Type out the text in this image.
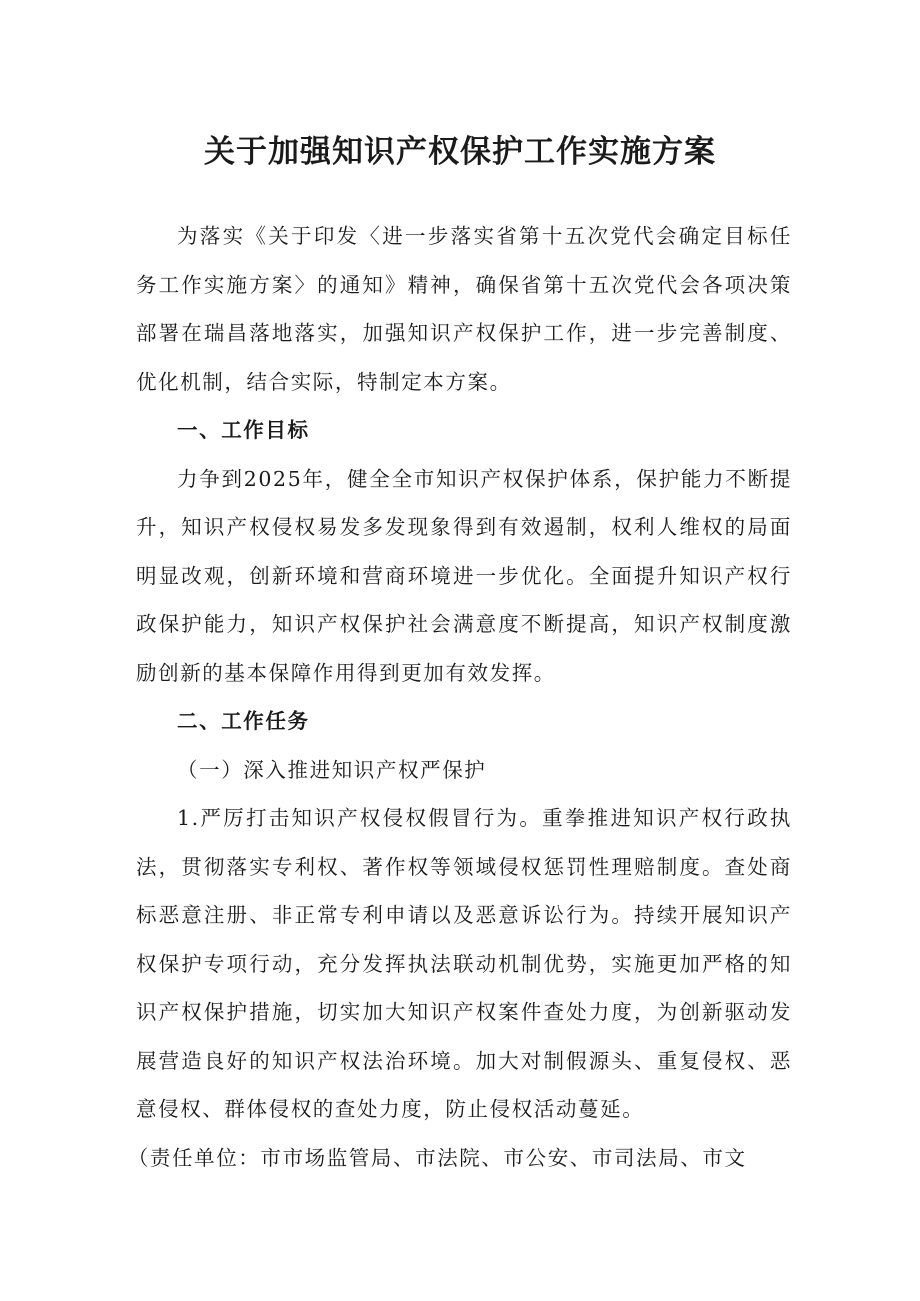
关于加强知识产权保护工作实施方案

为落实《关于印发〈进一步落实省第十五次党代会确定目标任务工作实施方案〉的通知》精神，确保省第十五次党代会各项决策部署在瑞昌落地落实，加强知识产权保护工作，进一步完善制度、优化机制，结合实际，特制定本方案。

一、工作目标

力争到2025年，健全全市知识产权保护体系，保护能力不断提升，知识产权侵权易发多发现象得到有效遏制，权利人维权的局面明显改观，创新环境和营商环境进一步优化。全面提升知识产权行政保护能力，知识产权保护社会满意度不断提高，知识产权制度激励创新的基本保障作用得到更加有效发挥。

二、工作任务

（一）深入推进知识产权严保护

1.严厉打击知识产权侵权假冒行为。重拳推进知识产权行政执法，贯彻落实专利权、著作权等领域侵权惩罚性理赔制度。查处商标恶意注册、非正常专利申请以及恶意诉讼行为。持续开展知识产权保护专项行动，充分发挥执法联动机制优势，实施更加严格的知识产权保护措施，切实加大知识产权案件查处力度，为创新驱动发展营造良好的知识产权法治环境。加大对制假源头、重复侵权、恶意侵权、群体侵权的查处力度，防止侵权活动蔓延。

（责任单位：市市场监管局、市法院、市公安、市司法局、市文
